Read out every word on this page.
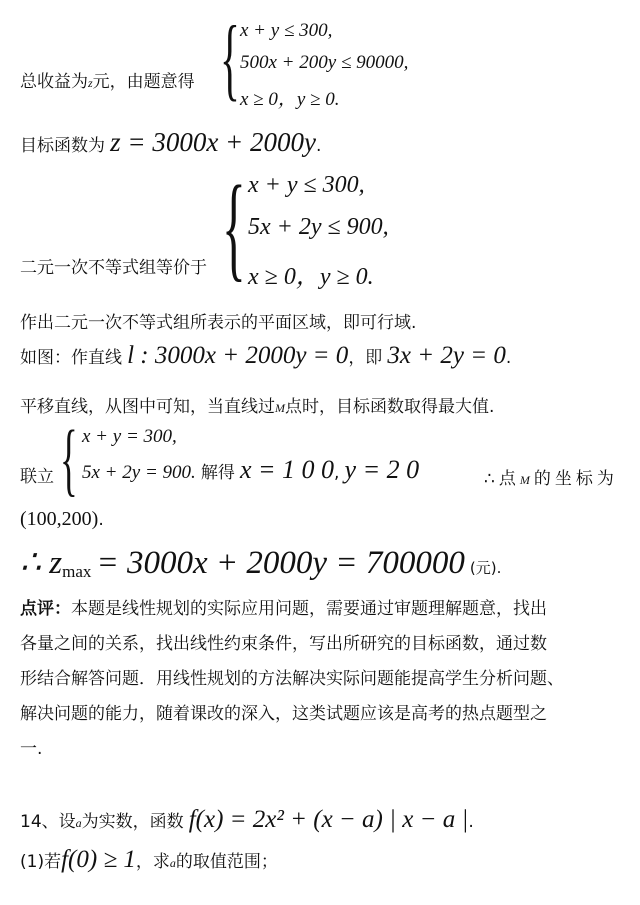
总收益为z元，由题意得 { x + y ≤ 300,
500x + 200y ≤ 90000,
x ≥ 0，y ≥ 0.
目标函数为 z = 3000x + 2000y.
{ x + y ≤ 300,
5x + 2y ≤ 900,
二元一次不等式组等价于 x ≥ 0，y ≥ 0.
作出二元一次不等式组所表示的平面区域，即可行域.
如图：作直线 l : 3000x + 2000y = 0，即 3x + 2y = 0.
平移直线，从图中可知，当直线过M点时，目标函数取得最大值.
{ x + y = 300,
联立 5x + 2y = 900. 解得 x = 1 0 0, y = 2 0	∴点M的坐标为
(100,200).
∴ $z_{max} = 3000x + 2000y = 700000$ (元).
点评：本题是线性规划的实际应用问题，需要通过审题理解题意，找出
各量之间的关系，找出线性约束条件，写出所研究的目标函数，通过数
形结合解答问题．用线性规划的方法解决实际问题能提高学生分析问题、
解决问题的能力，随着课改的深入，这类试题应该是高考的热点题型之
一.
14、设a为实数，函数 f(x) = 2x² + (x − a) | x − a |.
(1)若f(0) ≥ 1，求a的取值范围；
